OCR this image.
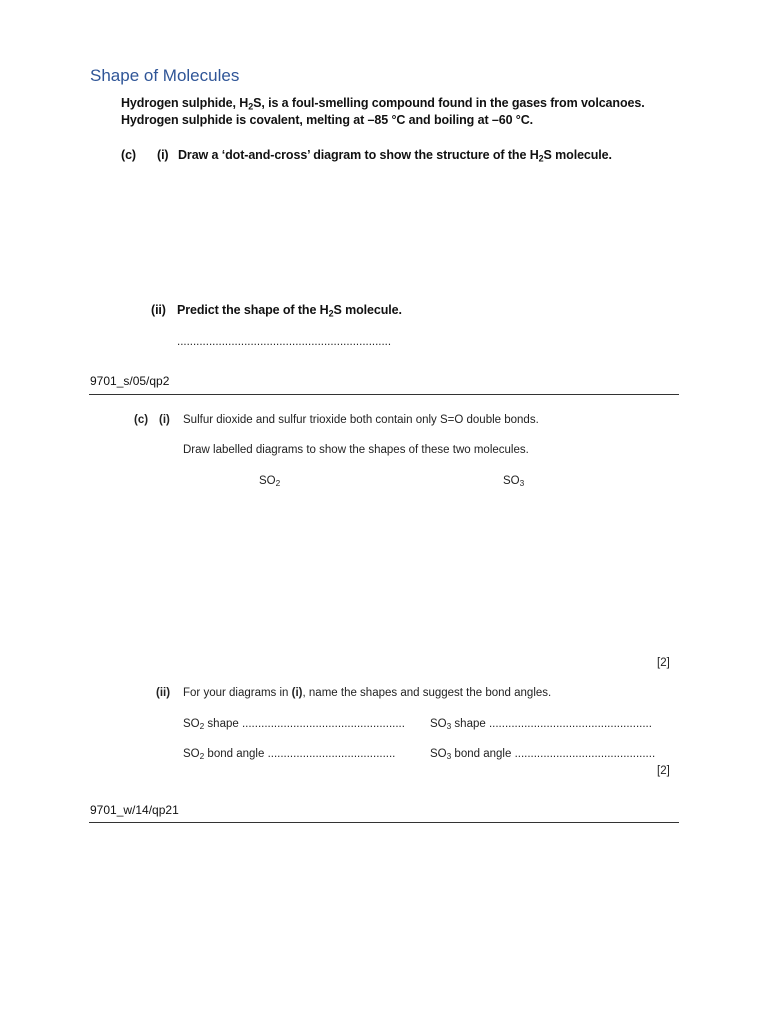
Shape of Molecules
Hydrogen sulphide, $H_2S$, is a foul-smelling compound found in the gases from volcanoes.
Hydrogen sulphide is covalent, melting at –85 °C and boiling at –60 °C.
(c) (i) Draw a ‘dot-and-cross’ diagram to show the structure of the $H_2S$ molecule.
(ii) Predict the shape of the $H_2S$ molecule.
...................................................................
9701_s/05/qp2
(c) (i) Sulfur dioxide and sulfur trioxide both contain only S=O double bonds.
Draw labelled diagrams to show the shapes of these two molecules.
$SO_2$	$SO_3$
[2]
(ii) For your diagrams in (i), name the shapes and suggest the bond angles.
$SO_2$ shape ................................................... $SO_3$ shape ...................................................
$SO_2$ bond angle ........................................	$SO_3$ bond angle ............................................
[2]
9701_w/14/qp21
